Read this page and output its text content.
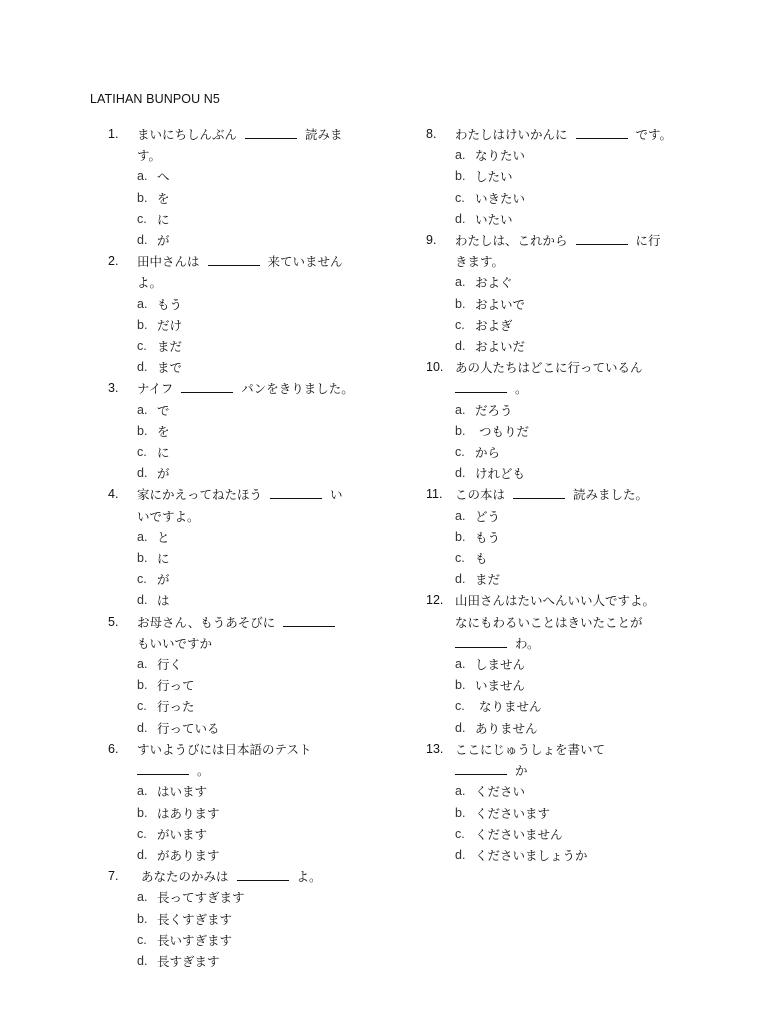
LATIHAN BUNPOU N5
1.	まいにちしんぶん	読みま
す。
a. へ
b. を
c. に
d. が
2.	田中さんは	来ていません
よ。
a. もう
b. だけ
c. まだ
d. まで
3.	ナイフ	パンをきりました。
a. で
b. を
c. に
d. が
4.	家にかえってねたほう	い
いですよ。
a. と
b. に
c. が
d. は
5.	お母さん、もうあそびに
もいいですか
a. 行く
b. 行って
c. 行った
d. 行っている
6.	すいようびには日本語のテスト
。
a. はいます
b. はあります
c. がいます
d. があります
7.	あなたのかみは	よ。
a. 長ってすぎます
b. 長くすぎます
c. 長いすぎます
d. 長すぎます
8.	わたしはけいかんに	です。
a. なりたい
b. したい
c. いきたい
d. いたい
9.	わたしは、これから	に行
きます。
a. およぐ
b. およいで
c. およぎ
d. およいだ
10. あの人たちはどこに行っているん
。
a. だろう
b. つもりだ
c. から
d. けれども
11.	この本は	読みました。
a. どう
b. もう
c. も
d. まだ
12. 山田さんはたいへんいい人ですよ。
なにもわるいことはきいたことが
わ。
a. しません
b. いません
c. なりません
d. ありません
13. ここにじゅうしょを書いて
か
a. ください
b. くださいます
c. くださいません
d. くださいましょうか
